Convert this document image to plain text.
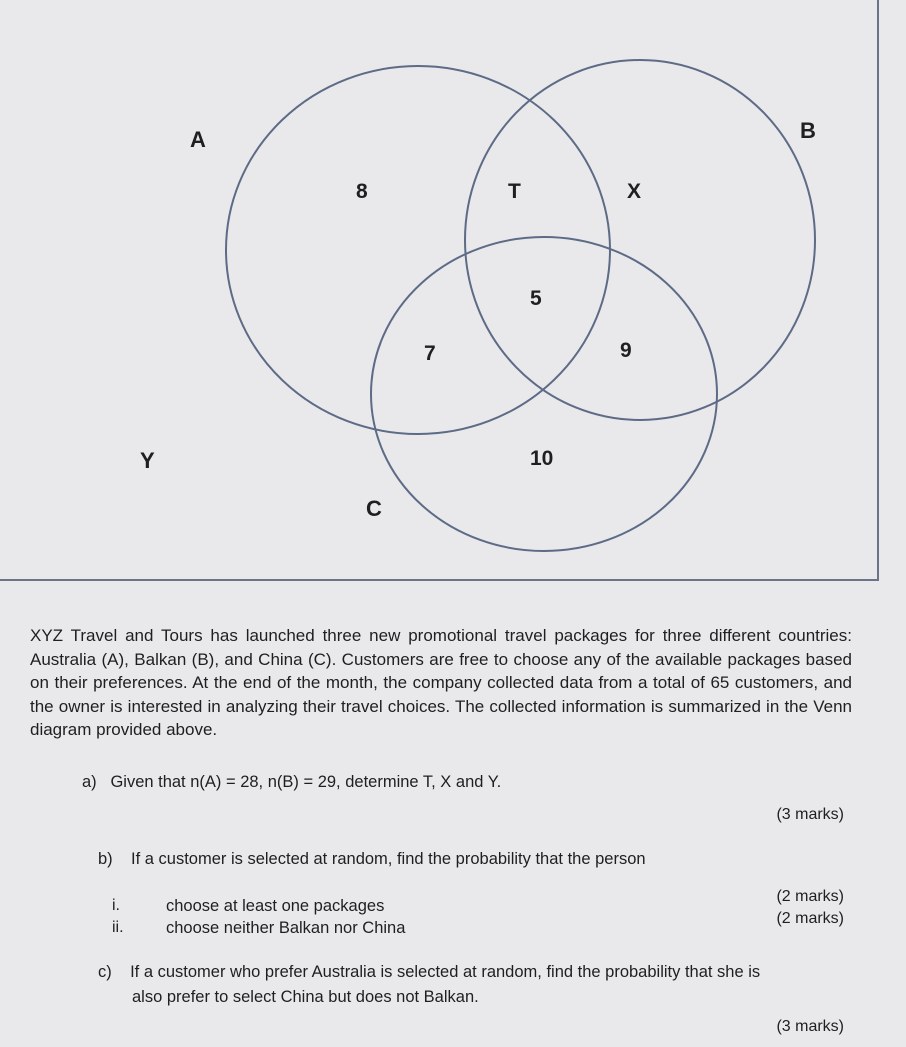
A	B
C
Y
8	T	X
5
7	9
10
XYZ Travel and Tours has launched three new promotional travel packages for three different countries: Australia (A), Balkan (B), and China (C). Customers are free to choose any of the available packages based on their preferences. At the end of the month, the company collected data from a total of 65 customers, and the owner is interested in analyzing their travel choices. The collected information is summarized in the Venn diagram provided above.
a) Given that n(A) = 28, n(B) = 29, determine T, X and Y.
(3 marks)
b) If a customer is selected at random, find the probability that the person
i.	choose at least one packages
(2 marks)
ii.	choose neither Balkan nor China
(2 marks)
c) If a customer who prefer Australia is selected at random, find the probability that she is
also prefer to select China but does not Balkan.
(3 marks)
